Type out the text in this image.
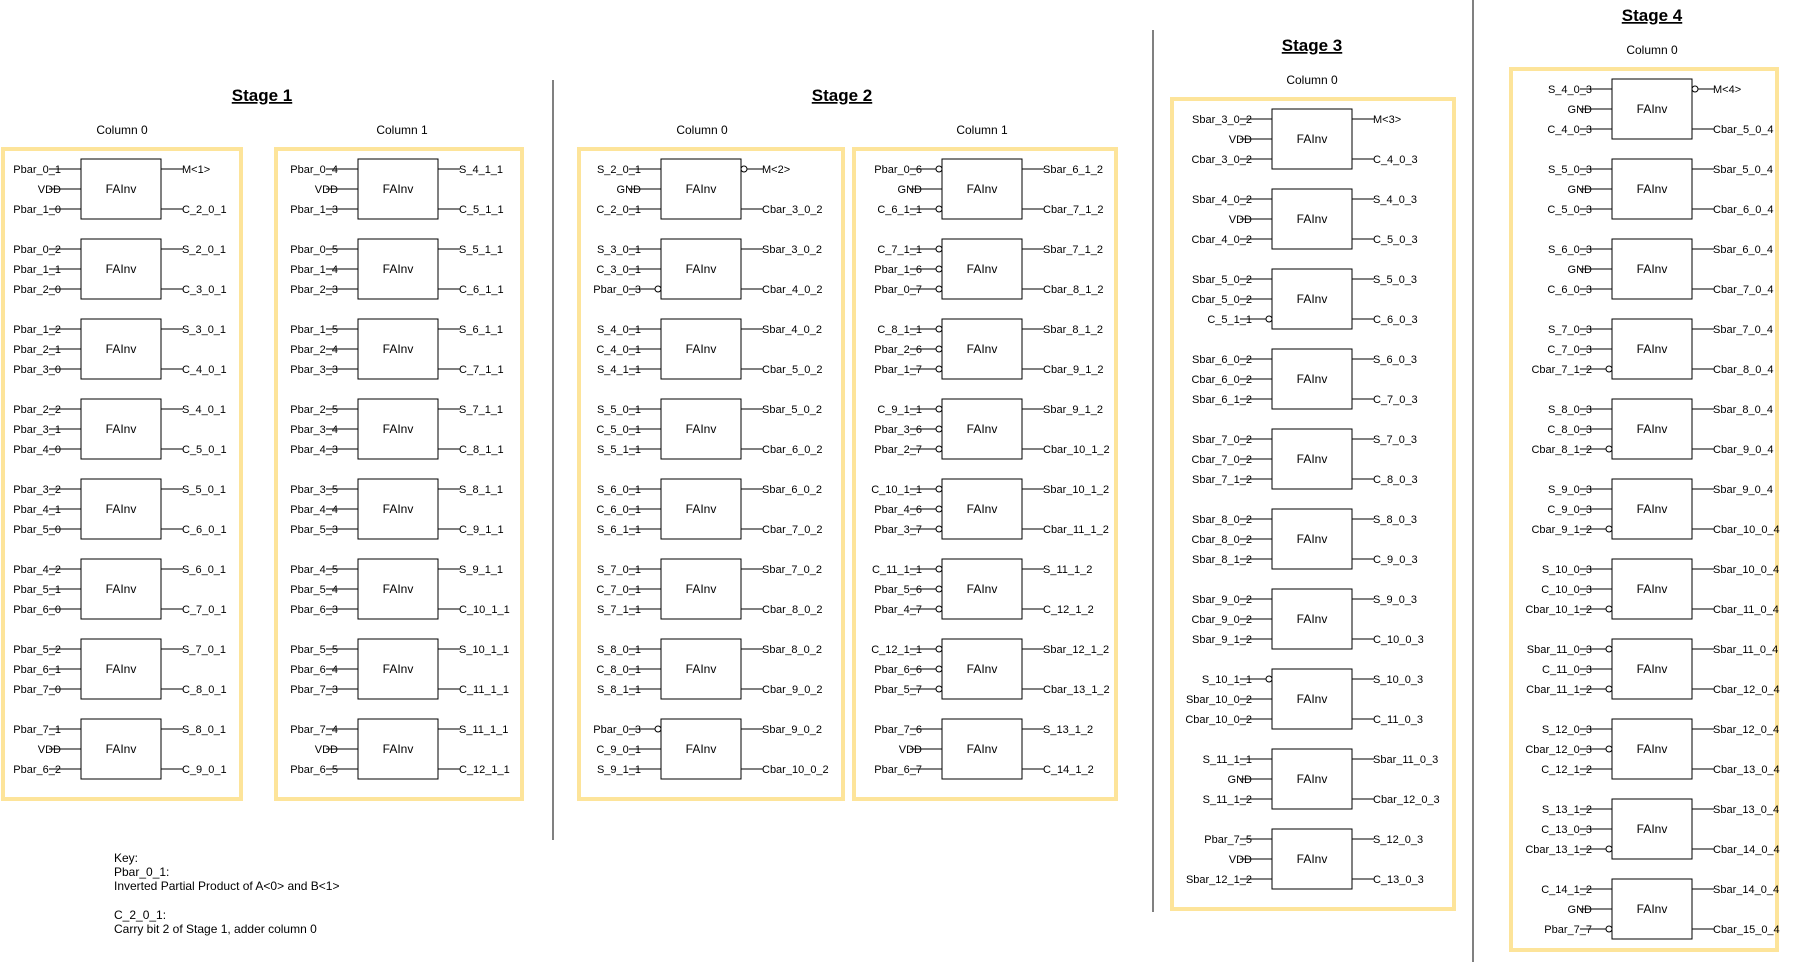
Stage 1
Column 0	Column 1
Stage 2
Column 0	Column 1
Stage 3
Column 0
Stage 4
Column 0
FAInv
Pbar_0_1
VDD
Pbar_1_0
M<1>
C_2_0_1
FAInv
Pbar_0_2
Pbar_1_1
Pbar_2_0
S_2_0_1
C_3_0_1
FAInv
Pbar_1_2
Pbar_2_1
Pbar_3_0
S_3_0_1
C_4_0_1
FAInv
Pbar_2_2
Pbar_3_1
Pbar_4_0
S_4_0_1
C_5_0_1
FAInv
Pbar_3_2
Pbar_4_1
Pbar_5_0
S_5_0_1
C_6_0_1
FAInv
Pbar_4_2
Pbar_5_1
Pbar_6_0
S_6_0_1
C_7_0_1
FAInv
Pbar_5_2
Pbar_6_1
Pbar_7_0
S_7_0_1
C_8_0_1
FAInv
Pbar_7_1
VDD
Pbar_6_2
S_8_0_1
C_9_0_1
FAInv
Pbar_0_4
VDD
Pbar_1_3
S_4_1_1
C_5_1_1
FAInv
Pbar_0_5
Pbar_1_4
Pbar_2_3
S_5_1_1
C_6_1_1
FAInv
Pbar_1_5
Pbar_2_4
Pbar_3_3
S_6_1_1
C_7_1_1
FAInv
Pbar_2_5
Pbar_3_4
Pbar_4_3
S_7_1_1
C_8_1_1
FAInv
Pbar_3_5
Pbar_4_4
Pbar_5_3
S_8_1_1
C_9_1_1
FAInv
Pbar_4_5
Pbar_5_4
Pbar_6_3
S_9_1_1
C_10_1_1
FAInv
Pbar_5_5
Pbar_6_4
Pbar_7_3
S_10_1_1
C_11_1_1
FAInv
Pbar_7_4
VDD
Pbar_6_5
S_11_1_1
C_12_1_1
FAInv
S_2_0_1
GND
C_2_0_1
M<2>
Cbar_3_0_2
FAInv
S_3_0_1
C_3_0_1
Pbar_0_3
Sbar_3_0_2
Cbar_4_0_2
FAInv
S_4_0_1
C_4_0_1
S_4_1_1
Sbar_4_0_2
Cbar_5_0_2
FAInv
S_5_0_1
C_5_0_1
S_5_1_1
Sbar_5_0_2
Cbar_6_0_2
FAInv
S_6_0_1
C_6_0_1
S_6_1_1
Sbar_6_0_2
Cbar_7_0_2
FAInv
S_7_0_1
C_7_0_1
S_7_1_1
Sbar_7_0_2
Cbar_8_0_2
FAInv
S_8_0_1
C_8_0_1
S_8_1_1
Sbar_8_0_2
Cbar_9_0_2
FAInv
Pbar_0_3
C_9_0_1
S_9_1_1
Sbar_9_0_2
Cbar_10_0_2
FAInv
Pbar_0_6
GND
C_6_1_1
Sbar_6_1_2
Cbar_7_1_2
FAInv
C_7_1_1
Pbar_1_6
Pbar_0_7
Sbar_7_1_2
Cbar_8_1_2
FAInv
C_8_1_1
Pbar_2_6
Pbar_1_7
Sbar_8_1_2
Cbar_9_1_2
FAInv
C_9_1_1
Pbar_3_6
Pbar_2_7
Sbar_9_1_2
Cbar_10_1_2
FAInv
C_10_1_1
Pbar_4_6
Pbar_3_7
Sbar_10_1_2
Cbar_11_1_2
FAInv
C_11_1_1
Pbar_5_6
Pbar_4_7
S_11_1_2
C_12_1_2
FAInv
C_12_1_1
Pbar_6_6
Pbar_5_7
Sbar_12_1_2
Cbar_13_1_2
FAInv
Pbar_7_6
VDD
Pbar_6_7
S_13_1_2
C_14_1_2
FAInv
Sbar_3_0_2
VDD
Cbar_3_0_2
M<3>
C_4_0_3
FAInv
Sbar_4_0_2
VDD
Cbar_4_0_2
S_4_0_3
C_5_0_3
FAInv
Sbar_5_0_2
Cbar_5_0_2
C_5_1_1
S_5_0_3
C_6_0_3
FAInv
Sbar_6_0_2
Cbar_6_0_2
Sbar_6_1_2
S_6_0_3
C_7_0_3
FAInv
Sbar_7_0_2
Cbar_7_0_2
Sbar_7_1_2
S_7_0_3
C_8_0_3
FAInv
Sbar_8_0_2
Cbar_8_0_2
Sbar_8_1_2
S_8_0_3
C_9_0_3
FAInv
Sbar_9_0_2
Cbar_9_0_2
Sbar_9_1_2
S_9_0_3
C_10_0_3
FAInv
S_10_1_1
Sbar_10_0_2
Cbar_10_0_2
S_10_0_3
C_11_0_3
FAInv
S_11_1_1
GND
S_11_1_2
Sbar_11_0_3
Cbar_12_0_3
FAInv
Pbar_7_5
VDD
Sbar_12_1_2
S_12_0_3
C_13_0_3
FAInv
S_4_0_3
GND
C_4_0_3
M<4>
Cbar_5_0_4
FAInv
S_5_0_3
GND
C_5_0_3
Sbar_5_0_4
Cbar_6_0_4
FAInv
S_6_0_3
GND
C_6_0_3
Sbar_6_0_4
Cbar_7_0_4
FAInv
S_7_0_3
C_7_0_3
Cbar_7_1_2
Sbar_7_0_4
Cbar_8_0_4
FAInv
S_8_0_3
C_8_0_3
Cbar_8_1_2
Sbar_8_0_4
Cbar_9_0_4
FAInv
S_9_0_3
C_9_0_3
Cbar_9_1_2
Sbar_9_0_4
Cbar_10_0_4
FAInv
S_10_0_3
C_10_0_3
Cbar_10_1_2
Sbar_10_0_4
Cbar_11_0_4
FAInv
Sbar_11_0_3
C_11_0_3
Cbar_11_1_2
Sbar_11_0_4
Cbar_12_0_4
FAInv
S_12_0_3
Cbar_12_0_3
C_12_1_2
Sbar_12_0_4
Cbar_13_0_4
FAInv
S_13_1_2
C_13_0_3
Cbar_13_1_2
Sbar_13_0_4
Cbar_14_0_4
FAInv
C_14_1_2
GND
Pbar_7_7
Sbar_14_0_4
Cbar_15_0_4
Key:
Pbar_0_1:
Inverted Partial Product of A<0> and B<1>
C_2_0_1:
Carry bit 2 of Stage 1, adder column 0
